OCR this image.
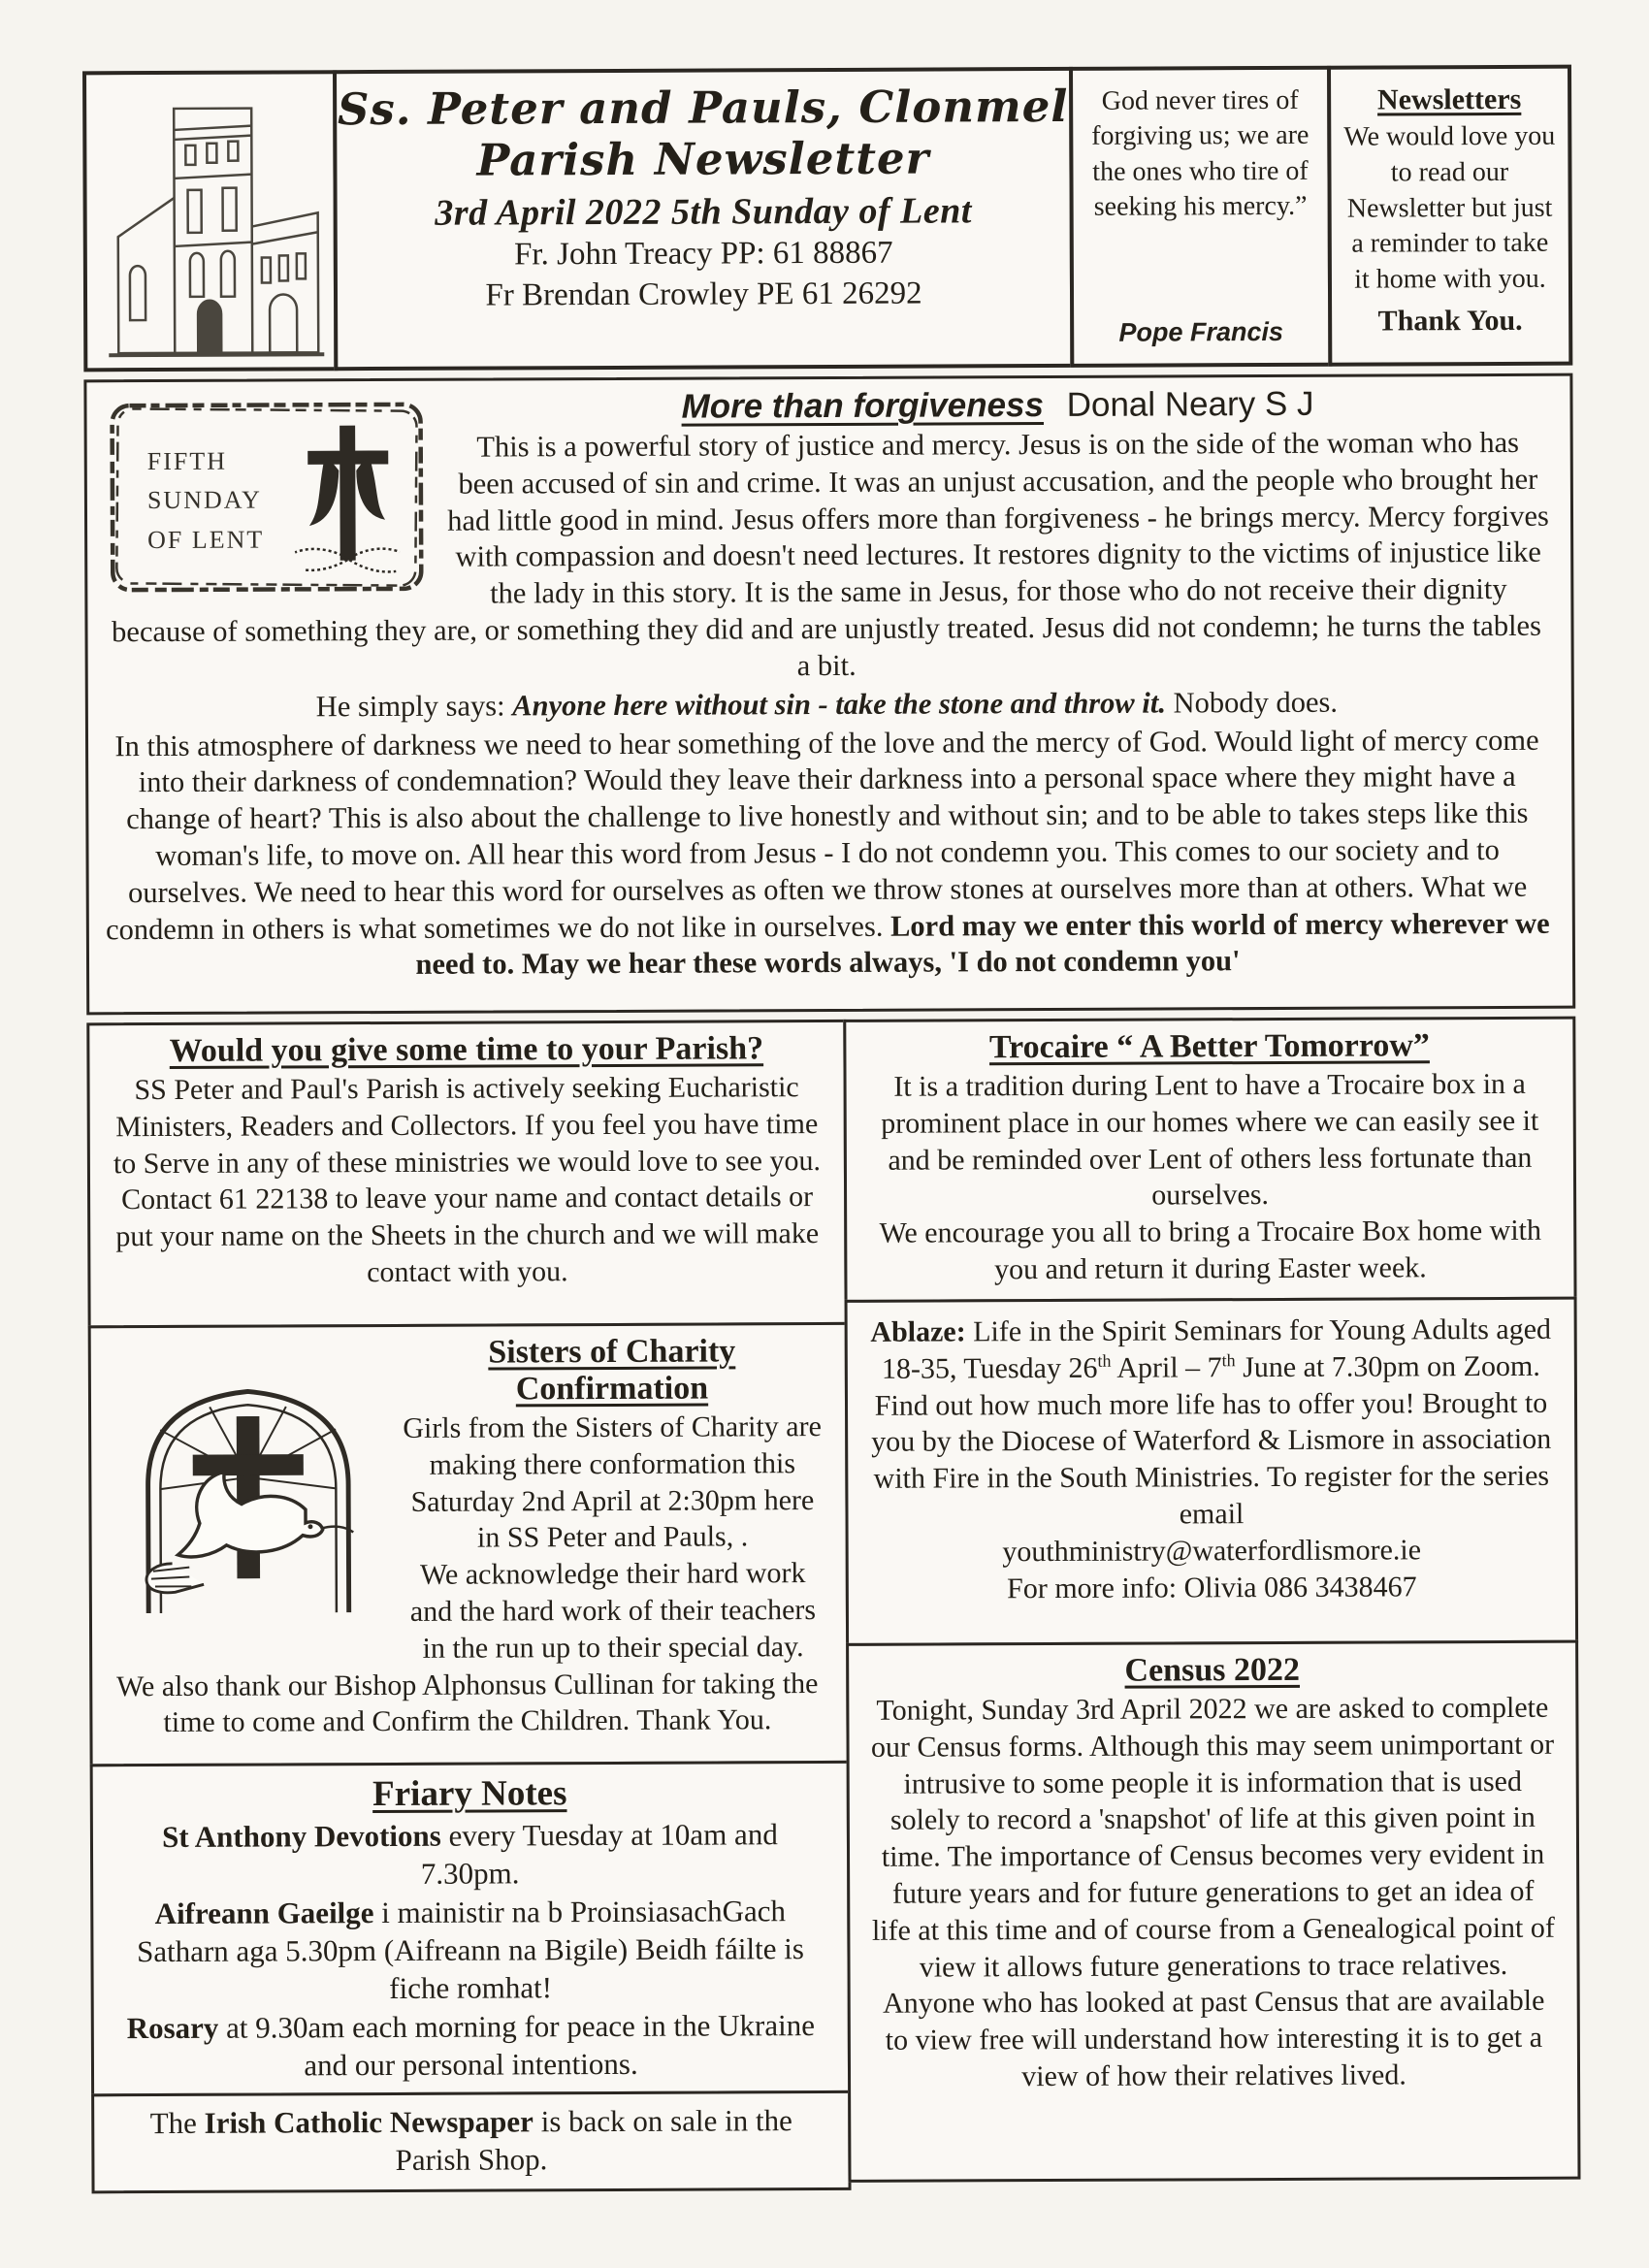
Ss. Peter and Pauls, Clonmel
Parish Newsletter
3rd April 2022 5th Sunday of Lent
Fr. John Treacy PP: 61 88867
Fr Brendan Crowley PE 61 26292
God never tires of forgiving us; we are the ones who tire of seeking his mercy.”
Pope Francis
Newsletters
We would love you to read our Newsletter but just a reminder to take it home with you.
Thank You.
FIFTH
SUNDAY
OF LENT
More than forgiveness Donal Neary S J

This is a powerful story of justice and mercy. Jesus is on the side of the woman who has been accused of sin and crime. It was an unjust accusation, and the people who brought her had little good in mind. Jesus offers more than forgiveness - he brings mercy. Mercy forgives with compassion and doesn't need lectures. It restores dignity to the victims of injustice like the lady in this story. It is the same in Jesus, for those who do not receive their dignity because of something they are, or something they did and are unjustly treated. Jesus did not condemn; he turns the tables a bit.

He simply says: Anyone here without sin - take the stone and throw it. Nobody does.

In this atmosphere of darkness we need to hear something of the love and the mercy of God. Would light of mercy come into their darkness of condemnation? Would they leave their darkness into a personal space where they might have a change of heart? This is also about the challenge to live honestly and without sin; and to be able to takes steps like this woman's life, to move on. All hear this word from Jesus - I do not condemn you. This comes to our society and to ourselves. We need to hear this word for ourselves as often we throw stones at ourselves more than at others. What we condemn in others is what sometimes we do not like in ourselves. Lord may we enter this world of mercy wherever we need to. May we hear these words always, 'I do not condemn you'

Would you give some time to your Parish?
SS Peter and Paul's Parish is actively seeking Eucharistic Ministers, Readers and Collectors. If you feel you have time to Serve in any of these ministries we would love to see you. Contact 61 22138 to leave your name and contact details or put your name on the Sheets in the church and we will make contact with you.
Sisters of Charity Confirmation
Girls from the Sisters of Charity are making there conformation this Saturday 2nd April at 2:30pm here in SS Peter and Pauls, .
We acknowledge their hard work and the hard work of their teachers in the run up to their special day.
We also thank our Bishop Alphonsus Cullinan for taking the time to come and Confirm the Children. Thank You.
Friary Notes
St Anthony Devotions every Tuesday at 10am and 7.30pm.
Aifreann Gaeilge i mainistir na b ProinsiasachGach Satharn aga 5.30pm (Aifreann na Bigile) Beidh fáilte is fiche romhat!
Rosary at 9.30am each morning for peace in the Ukraine and our personal intentions.
The Irish Catholic Newspaper is back on sale in the Parish Shop.
Trocaire “ A Better Tomorrow”
It is a tradition during Lent to have a Trocaire box in a prominent place in our homes where we can easily see it and be reminded over Lent of others less fortunate than ourselves.
We encourage you all to bring a Trocaire Box home with you and return it during Easter week.
Ablaze: Life in the Spirit Seminars for Young Adults aged 18-35, Tuesday 26th April – 7th June at 7.30pm on Zoom. Find out how much more life has to offer you! Brought to you by the Diocese of Waterford & Lismore in association with Fire in the South Ministries. To register for the series email
youthministry@waterfordlismore.ie
For more info: Olivia 086 3438467
Census 2022
Tonight, Sunday 3rd April 2022 we are asked to complete our Census forms. Although this may seem unimportant or intrusive to some people it is information that is used solely to record a 'snapshot' of life at this given point in time. The importance of Census becomes very evident in future years and for future generations to get an idea of life at this time and of course from a Genealogical point of view it allows future generations to trace relatives. Anyone who has looked at past Census that are available to view free will understand how interesting it is to get a view of how their relatives lived.
